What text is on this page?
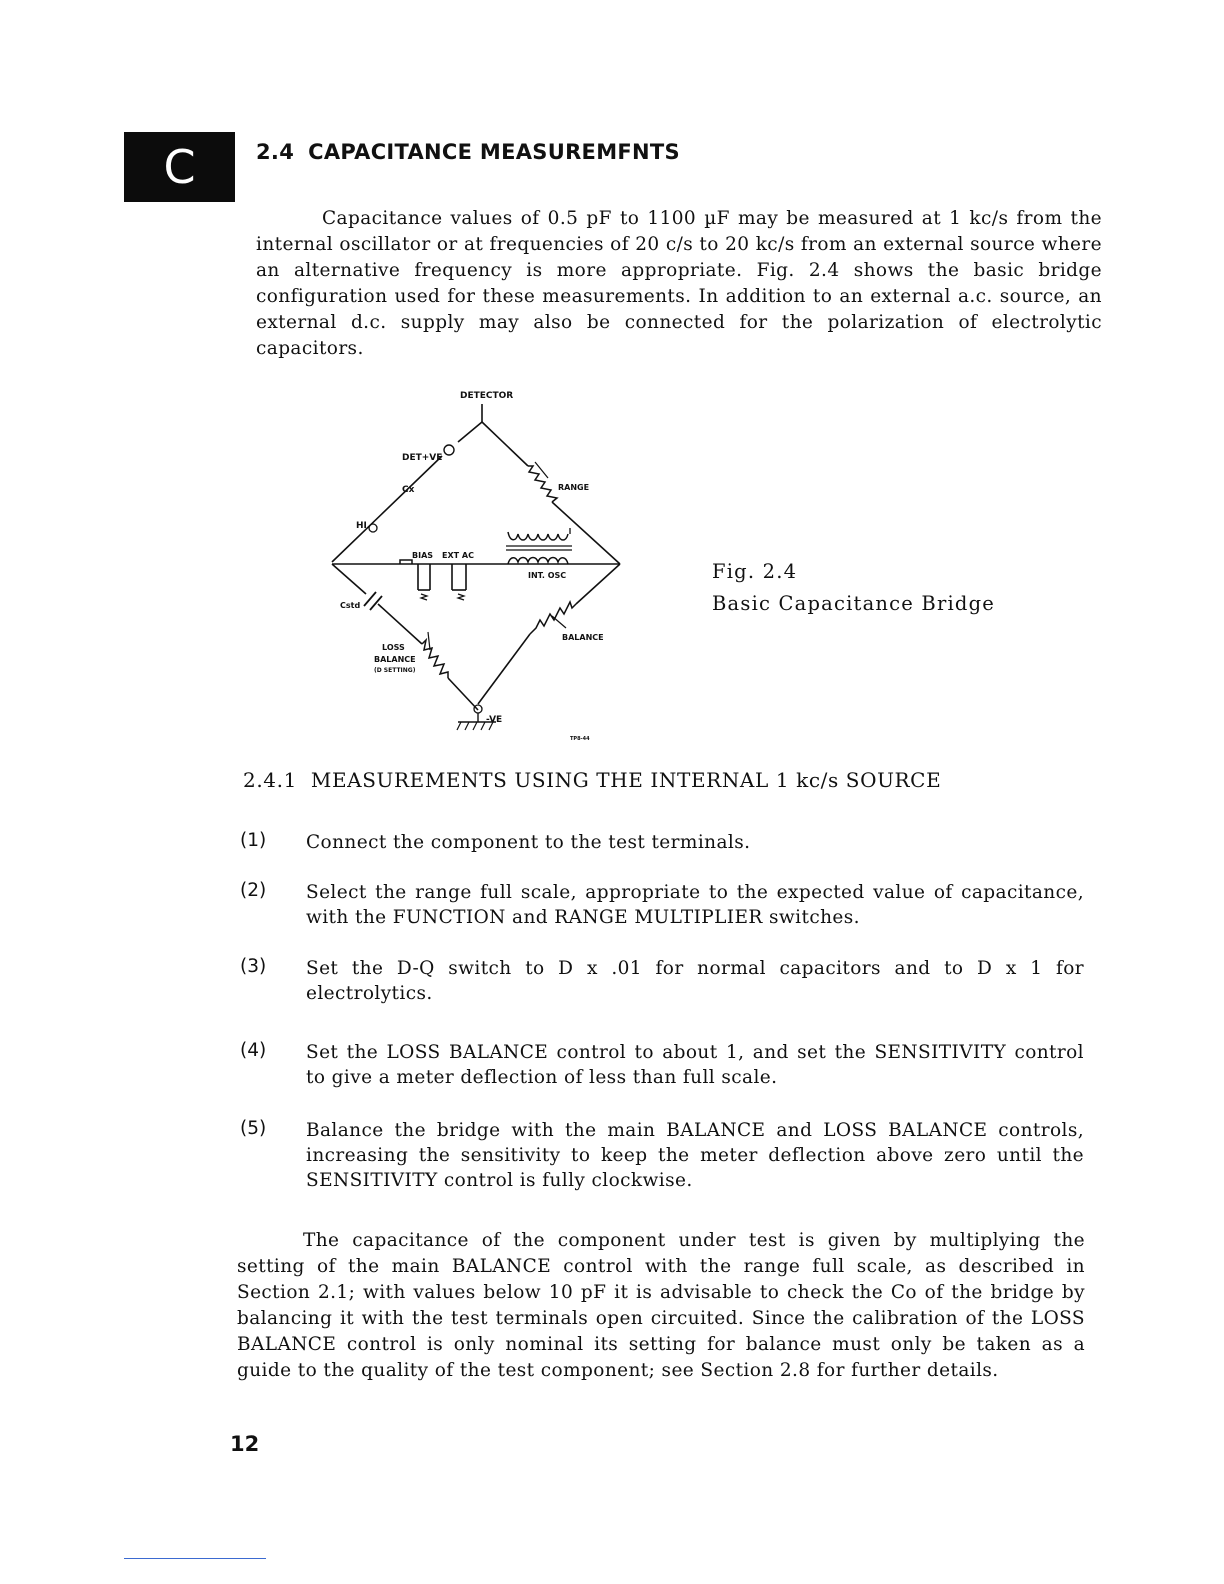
C	2.4 CAPACITANCE MEASUREMFNTS
Capacitance values of 0.5 pF to 1100 µF may be measured at 1 kc/s from the internal oscillator or at frequencies of 20 c/s to 20 kc/s from an external source where an alternative frequency is more appropriate. Fig. 2.4 shows the basic bridge configuration used for these measurements. In addition to an external a.c. source, an external d.c. supply may also be connected for the polarization of electrolytic capacitors.
DETECTOR
DET+VE
Cx	RANGE
HI
BIAS EXT AC
INT. OSC
Cstd
BALANCE
LOSS
BALANCE
(D SETTING)
-VE
TP8-44
Fig. 2.4
Basic Capacitance Bridge
2.4.1 MEASUREMENTS USING THE INTERNAL 1 kc/s SOURCE
(1) Connect the component to the test terminals.
(2) Select the range full scale, appropriate to the expected value of capacitance, with the FUNCTION and RANGE MULTIPLIER switches.
(3) Set the D-Q switch to D x .01 for normal capacitors and to D x 1 for electrolytics.
(4) Set the LOSS BALANCE control to about 1, and set the SENSITIVITY control to give a meter deflection of less than full scale.
(5) Balance the bridge with the main BALANCE and LOSS BALANCE controls, increasing the sensitivity to keep the meter deflection above zero until the SENSITIVITY control is fully clockwise.
The capacitance of the component under test is given by multiplying the setting of the main BALANCE control with the range full scale, as described in Section 2.1; with values below 10 pF it is advisable to check the Co of the bridge by balancing it with the test terminals open circuited. Since the calibration of the LOSS BALANCE control is only nominal its setting for balance must only be taken as a guide to the quality of the test component; see Section 2.8 for further details.
12
